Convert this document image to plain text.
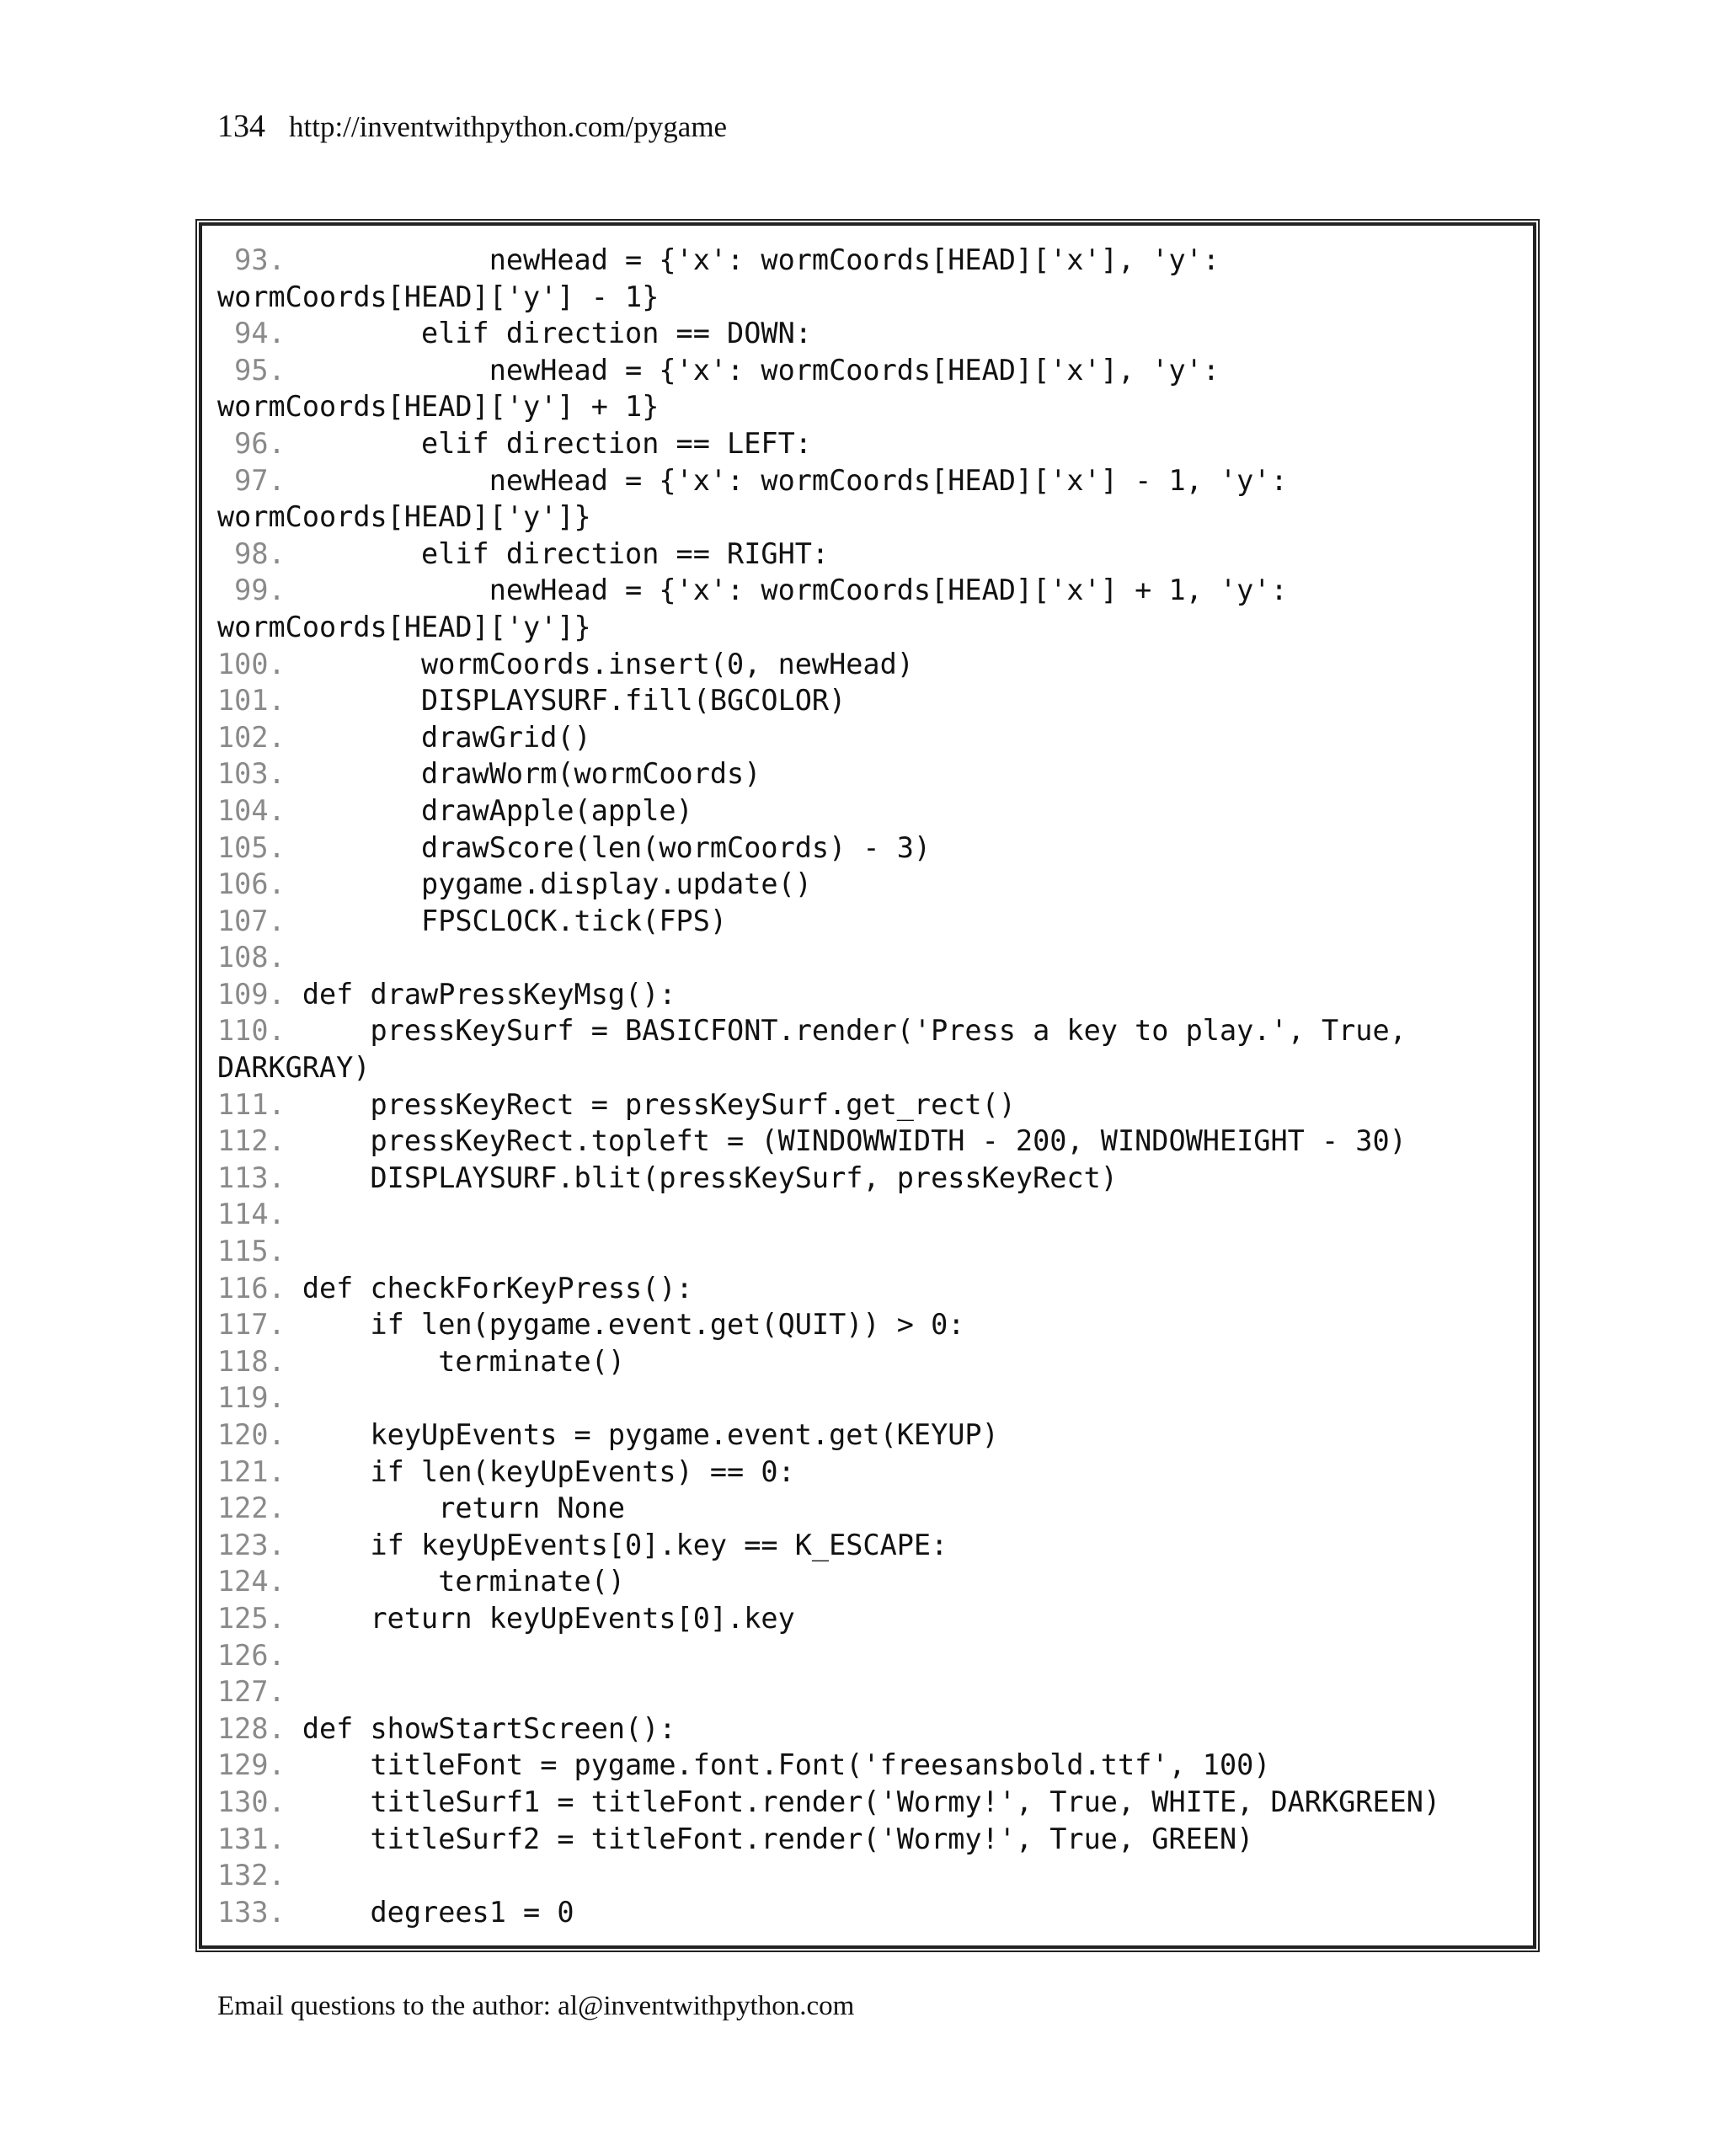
134 http://inventwithpython.com/pygame
93.            newHead = {'x': wormCoords[HEAD]['x'], 'y':
wormCoords[HEAD]['y'] - 1}
94.        elif direction == DOWN:
95.            newHead = {'x': wormCoords[HEAD]['x'], 'y':
wormCoords[HEAD]['y'] + 1}
96.        elif direction == LEFT:
97.            newHead = {'x': wormCoords[HEAD]['x'] - 1, 'y':
wormCoords[HEAD]['y']}
98.        elif direction == RIGHT:
99.            newHead = {'x': wormCoords[HEAD]['x'] + 1, 'y':
wormCoords[HEAD]['y']}
100.        wormCoords.insert(0, newHead)
101.        DISPLAYSURF.fill(BGCOLOR)
102.        drawGrid()
103.        drawWorm(wormCoords)
104.        drawApple(apple)
105.        drawScore(len(wormCoords) - 3)
106.        pygame.display.update()
107.        FPSCLOCK.tick(FPS)
108.
109. def drawPressKeyMsg():
110.     pressKeySurf = BASICFONT.render('Press a key to play.', True,
DARKGRAY)
111.     pressKeyRect = pressKeySurf.get_rect()
112.     pressKeyRect.topleft = (WINDOWWIDTH - 200, WINDOWHEIGHT - 30)
113.     DISPLAYSURF.blit(pressKeySurf, pressKeyRect)
114.
115.
116. def checkForKeyPress():
117.     if len(pygame.event.get(QUIT)) > 0:
118.         terminate()
119.
120.     keyUpEvents = pygame.event.get(KEYUP)
121.     if len(keyUpEvents) == 0:
122.         return None
123.     if keyUpEvents[0].key == K_ESCAPE:
124.         terminate()
125.     return keyUpEvents[0].key
126.
127.
128. def showStartScreen():
129.     titleFont = pygame.font.Font('freesansbold.ttf', 100)
130.     titleSurf1 = titleFont.render('Wormy!', True, WHITE, DARKGREEN)
131.     titleSurf2 = titleFont.render('Wormy!', True, GREEN)
132.
133.     degrees1 = 0
Email questions to the author: al@inventwithpython.com
